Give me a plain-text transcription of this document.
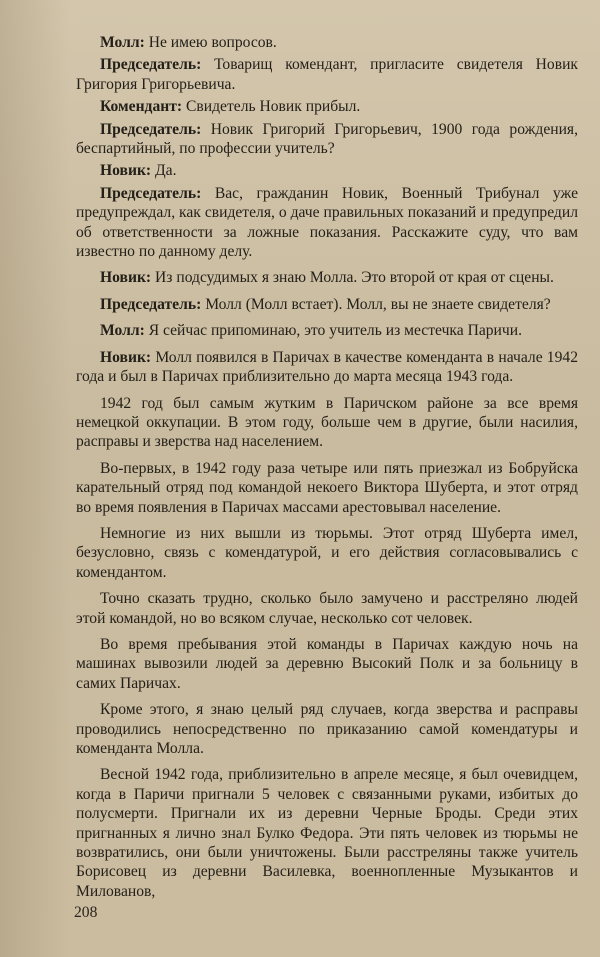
Молл: Не имею вопросов.

Председатель: Товарищ комендант, пригласите свидетеля Новик Григория Григорьевича.

Комендант: Свидетель Новик прибыл.

Председатель: Новик Григорий Григорьевич, 1900 года рождения, беспартийный, по профессии учитель?

Новик: Да.

Председатель: Вас, гражданин Новик, Военный Трибунал уже предупреждал, как свидетеля, о даче правильных показаний и предупредил об ответственности за ложные показания. Расскажите суду, что вам известно по данному делу.

Новик: Из подсудимых я знаю Молла. Это второй от края от сцены.

Председатель: Молл (Молл встает). Молл, вы не знаете свидетеля?

Молл: Я сейчас припоминаю, это учитель из местечка Паричи.

Новик: Молл появился в Паричах в качестве коменданта в начале 1942 года и был в Паричах приблизительно до марта месяца 1943 года.

1942 год был самым жутким в Паричском районе за все время немецкой оккупации. В этом году, больше чем в другие, были насилия, расправы и зверства над населением.

Во-первых, в 1942 году раза четыре или пять приезжал из Бобруйска карательный отряд под командой некоего Виктора Шуберта, и этот отряд во время появления в Паричах массами арестовывал население.

Немногие из них вышли из тюрьмы. Этот отряд Шуберта имел, безусловно, связь с комендатурой, и его действия согласовывались с комендантом.

Точно сказать трудно, сколько было замучено и расстреляно людей этой командой, но во всяком случае, несколько сот человек.

Во время пребывания этой команды в Паричах каждую ночь на машинах вывозили людей за деревню Высокий Полк и за больницу в самих Паричах.

Кроме этого, я знаю целый ряд случаев, когда зверства и расправы проводились непосредственно по приказанию самой комендатуры и коменданта Молла.

Весной 1942 года, приблизительно в апреле месяце, я был очевидцем, когда в Паричи пригнали 5 человек с связанными руками, избитых до полусмерти. Пригнали их из деревни Черные Броды. Среди этих пригнанных я лично знал Булко Федора. Эти пять человек из тюрьмы не возвратились, они были уничтожены. Были расстреляны также учитель Борисовец из деревни Василевка, военнопленные Музыкантов и Милованов,

208
